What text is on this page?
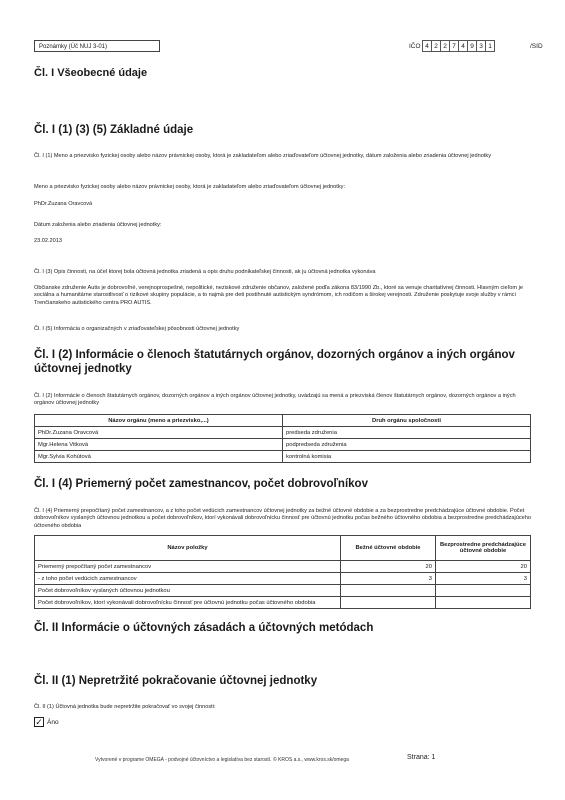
Poznámky (Úč NUJ 3-01)	IČO 4 2 2 7 4 9 3 1	/SID
Čl. I Všeobecné údaje
Čl. I (1) (3) (5) Základné údaje
Čl. I (1) Meno a priezvisko fyzickej osoby alebo názov právnickej osoby, ktorá je zakladateľom alebo zriaďovateľom účtovnej jednotky, dátum založenia alebo zriadenia účtovnej jednotky
Meno a priezvisko fyzickej osoby alebo názov právnickej osoby, ktorá je zakladateľom alebo zriaďovateľom účtovnej jednotky:
PhDr.Zuzana Oravcová
Dátum založenia alebo zriadenia účtovnej jednotky:
23.02.2013
Čl. I (3) Opis činnosti, na účel ktorej bola účtovná jednotka zriadená a opis druhu podnikateľskej činnosti, ak ju účtovná jednotka vykonáva
Občianske združenie Autis je dobrovoľné, verejnoprospešné, nepolitické, neziskové združenie občanov, založené podľa zákona 83/1990 Zb., ktoré sa venuje charitatívnej činnosti. Hlavným cieľom je sociálna a humanitárne starostlivosť o rizikové skupiny populácie, a to najmä pre deti postihnuté autistickým syndrómom, ich rodičom a širokej verejnosti. Združenie poskytuje svoje služby v rámci Trenčianskeho autistického centra PRO AUTIS.
Čl. I (5) Informácia o organizačných v zriaďovateľskej pôsobnosti účtovnej jednotky
Čl. I (2) Informácie o členoch štatutárnych orgánov, dozorných orgánov a iných orgánov účtovnej jednotky
Čl. I (2) Informácie o členoch štatutárnych orgánov, dozorných orgánov a iných orgánov účtovnej jednotky, uvádzajú sa mená a priezviská členov štatutárnych orgánov, dozorných orgánov a iných orgánov účtovnej jednotky
Názov orgánu (meno a priezvisko,...)	Druh orgánu spoločnosti
PhDr.Zuzana Oravcová	predseda združenia
Mgr.Helena Vitková	podpredseda združenia
Mgr.Sylvia Kohútová	kontrolná komisia
Čl. I (4) Priemerný počet zamestnancov, počet dobrovoľníkov
Čl. I (4) Priemerný prepočítaný počet zamestnancov, a z toho počet vedúcich zamestnancov účtovnej jednotky za bežné účtovné obdobie a za bezprostredne predchádzajúce účtovné obdobie. Počet dobrovoľníkov vyslaných účtovnou jednotkou a počet dobrovoľníkov, ktorí vykonávali dobrovoľnícku činnosť pre účtovnú jednotku počas bežného účtovného obdobia a bezprostredne predchádzajúceho účtovného obdobia
Názov položky	Bežné účtovné obdobie	Bezprostredne predchádzajúce účtovné obdobie
Priemerný prepočítaný počet zamestnancov	20	20
- z toho počet vedúcich zamestnancov	3	3
Počet dobrovoľníkov vyslaných účtovnou jednotkou		
Počet dobrovoľníkov, ktorí vykonávali dobrovoľnícku činnosť pre účtovnú jednotku počas účtovného obdobia		
Čl. II Informácie o účtovných zásadách a účtovných metódach
Čl. II (1) Nepretržité pokračovanie účtovnej jednotky
Čl. II (1) Účtovná jednotka bude nepretržite pokračovať vo svojej činnosti:
✓ Áno
Vytvorené v programe OMEGA - podvojné účtovníctvo a legislatíva bez starostí. © KROS a.s., www.kros.sk/omega	Strana: 1
